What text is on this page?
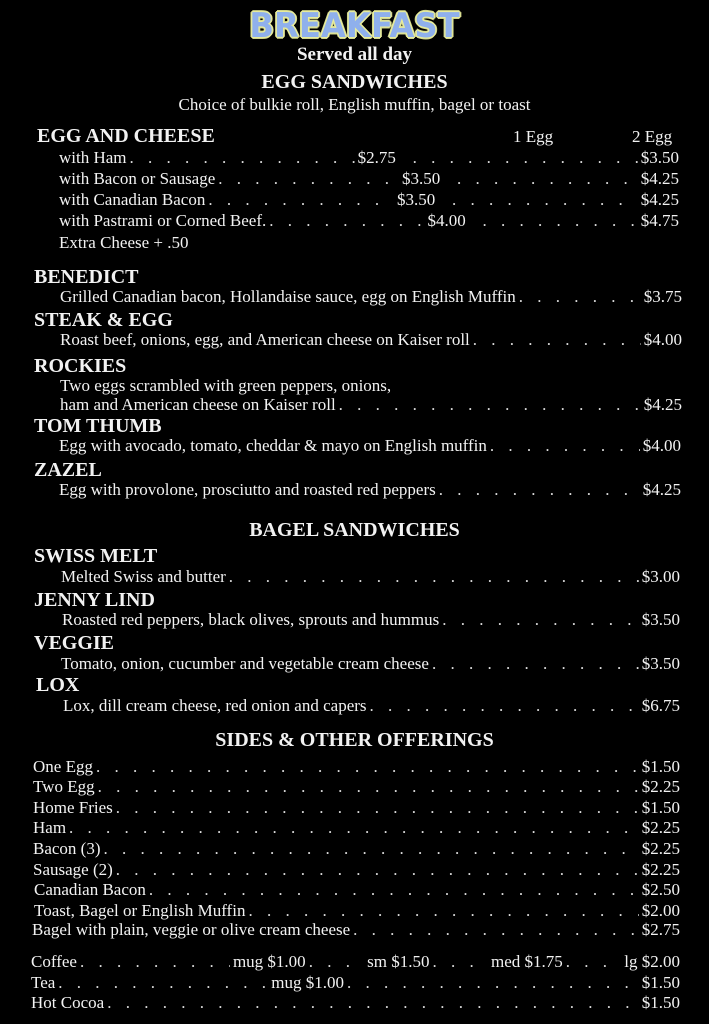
BREAKFAST
Served all day
EGG SANDWICHES
Choice of bulkie roll, English muffin, bagel or toast
EGG AND CHEESE	1 Egg	2 Egg
with Ham . . .	$2.75 . . .	$3.50
with Bacon or Sausage . . .	$3.50 . . .	$4.25
with Canadian Bacon . . .	$3.50 . . .	$4.25
with Pastrami or Corned Beef. . . .	$4.00 . . .	$4.75
Extra Cheese + .50
BENEDICT
Grilled Canadian bacon, Hollandaise sauce, egg on English Muffin . . .	$3.75
STEAK & EGG
Roast beef, onions, egg, and American cheese on Kaiser roll . . .	$4.00
ROCKIES
Two eggs scrambled with green peppers, onions,
ham and American cheese on Kaiser roll . . .	$4.25
TOM THUMB
Egg with avocado, tomato, cheddar & mayo on English muffin . . .	$4.00
ZAZEL
Egg with provolone, prosciutto and roasted red peppers . . .	$4.25
BAGEL SANDWICHES
SWISS MELT
Melted Swiss and butter . . .	$3.00
JENNY LIND
Roasted red peppers, black olives, sprouts and hummus . . .	$3.50
VEGGIE
Tomato, onion, cucumber and vegetable cream cheese . . .	$3.50
LOX
Lox, dill cream cheese, red onion and capers . . .	$6.75
SIDES & OTHER OFFERINGS
One Egg . . .	$1.50
Two Egg . . .	$2.25
Home Fries . . .	$1.50
Ham . . .	$2.25
Bacon (3) . . .	$2.25
Sausage (2) . . .	$2.25
Canadian Bacon . . .	$2.50
Toast, Bagel or English Muffin . . .	$2.00
Bagel with plain, veggie or olive cream cheese . . .	$2.75
Coffee . . .	mug $1.00 . . .	sm $1.50 . . .	med $1.75 . . .	lg $2.00
Tea . . .	mug $1.00 . . .	$1.50
Hot Cocoa . . .	$1.50
